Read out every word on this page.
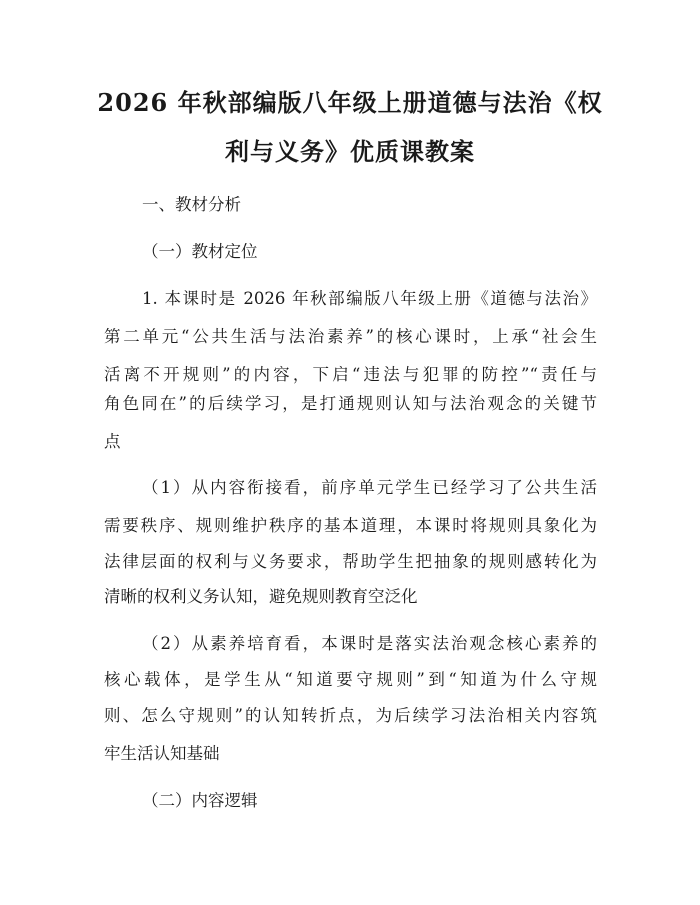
2026 年秋部编版八年级上册道德与法治《权
利与义务》优质课教案

一、教材分析

（一）教材定位

1. 本课时是 2026 年秋部编版八年级上册《道德与法治》

第二单元“公共生活与法治素养”的核心课时，上承“社会生

活离不开规则”的内容，下启“违法与犯罪的防控”“责任与

角色同在”的后续学习，是打通规则认知与法治观念的关键节

点

（1）从内容衔接看，前序单元学生已经学习了公共生活

需要秩序、规则维护秩序的基本道理，本课时将规则具象化为

法律层面的权利与义务要求，帮助学生把抽象的规则感转化为

清晰的权利义务认知，避免规则教育空泛化

（2）从素养培育看，本课时是落实法治观念核心素养的

核心载体，是学生从“知道要守规则”到“知道为什么守规

则、怎么守规则”的认知转折点，为后续学习法治相关内容筑

牢生活认知基础

（二）内容逻辑
